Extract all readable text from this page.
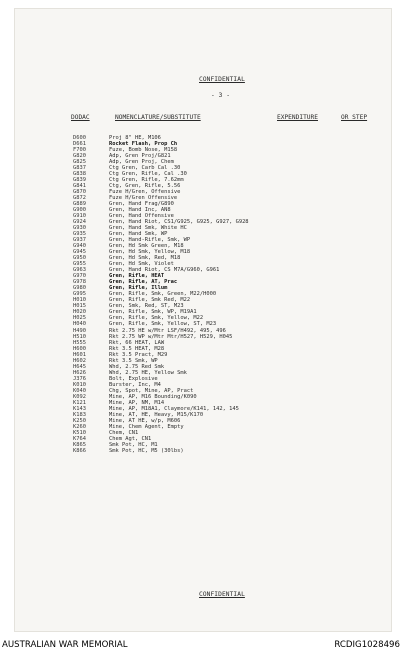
CONFIDENTIAL
- 3 -
DODAC	NOMENCLATURE/SUBSTITUTE	EXPENDITURE	OR STEP
D600	Proj 8" HE, M106
D661	Rocket Flash, Prop Ch
F700	Fuze, Bomb Nose, M158
G820	Adp, Gren Proj/G821
G825	Adp, Gren Proj, Chem
G837	Ctg Gren, Carb Cal .30
G838	Ctg Gren, Rifle, Cal .30
G839	Ctg Gren, Rifle, 7.62mm
G841	Ctg, Gren, Rifle, 5.56
G870	Fuze H/Gren, Offensive
G872	Fuze H/Gren Offensive
G889	Gren, Hand Frag/G890
G900	Gren, Hand Inc, AN8
G910	Gren, Hand Offensive
G924	Gren, Hand Riot, CS1/G925, G925, G927, G928
G930	Gren, Hand Smk, White HC
G935	Gren, Hand Smk, WP
G937	Gren, Hand-Rifle, Smk, WP
G940	Gren, Hd Smk Green, M18
G945	Gren, Hd Smk, Yellow, M18
G950	Gren, Hd Smk, Red, M18
G955	Gren, Hd Smk, Violet
G963	Gren, Hand Riot, CS M7A/G960, G961
G970	Gren, Rifle, HEAT
G978	Gren, Rifle, AT, Prac
G980	Gren, Rifle, Illum
G995	Gren, Rifle, Smk, Green, M22/H000
H010	Gren, Rifle, Smk Red, M22
H015	Gren, Smk, Red, ST, M23
H020	Gren, Rifle, Smk, WP, M19A1
H025	Gren, Rifle, Smk, Yellow, M22
H040	Gren, Rifle, Smk, Yellow, ST, M23
H490	Rkt 2.75 HE w/Mtr LSF/H492, 495, 496
H510	Rkt 2.75 WP w/Mtr Mtr/H527, H529, H045
H555	Rkt, 66 HEAT, LAW
H600	Rkt 3.5 HEAT, M28
H601	Rkt 3.5 Pract, M29
H602	Rkt 3.5 Smk, WP
H645	Whd, 2.75 Red Smk
H626	Whd, 2.75 HE, Yellow Smk
J376	Bolt, Explosive
K010	Burster, Inc, M4
K040	Chg, Spot, Mine, AP, Pract
K092	Mine, AP, M16 Bounding/K090
K121	Mine, AP, NM, M14
K143	Mine, AP, M18A1, Claymore/K141, 142, 145
K183	Mine, AT, HE, Heavy, M15/K170
K250	Mine, AT HE, w/p, M606
K260	Mine, Chem Agent, Empty
K510	Chem, CN1
K764	Chem Agt, CN1
K865	Smk Pot, HC, M1
K866	Smk Pot, HC, M5 (30lbs)
CONFIDENTIAL
AUSTRALIAN WAR MEMORIAL	RCDIG1028496
